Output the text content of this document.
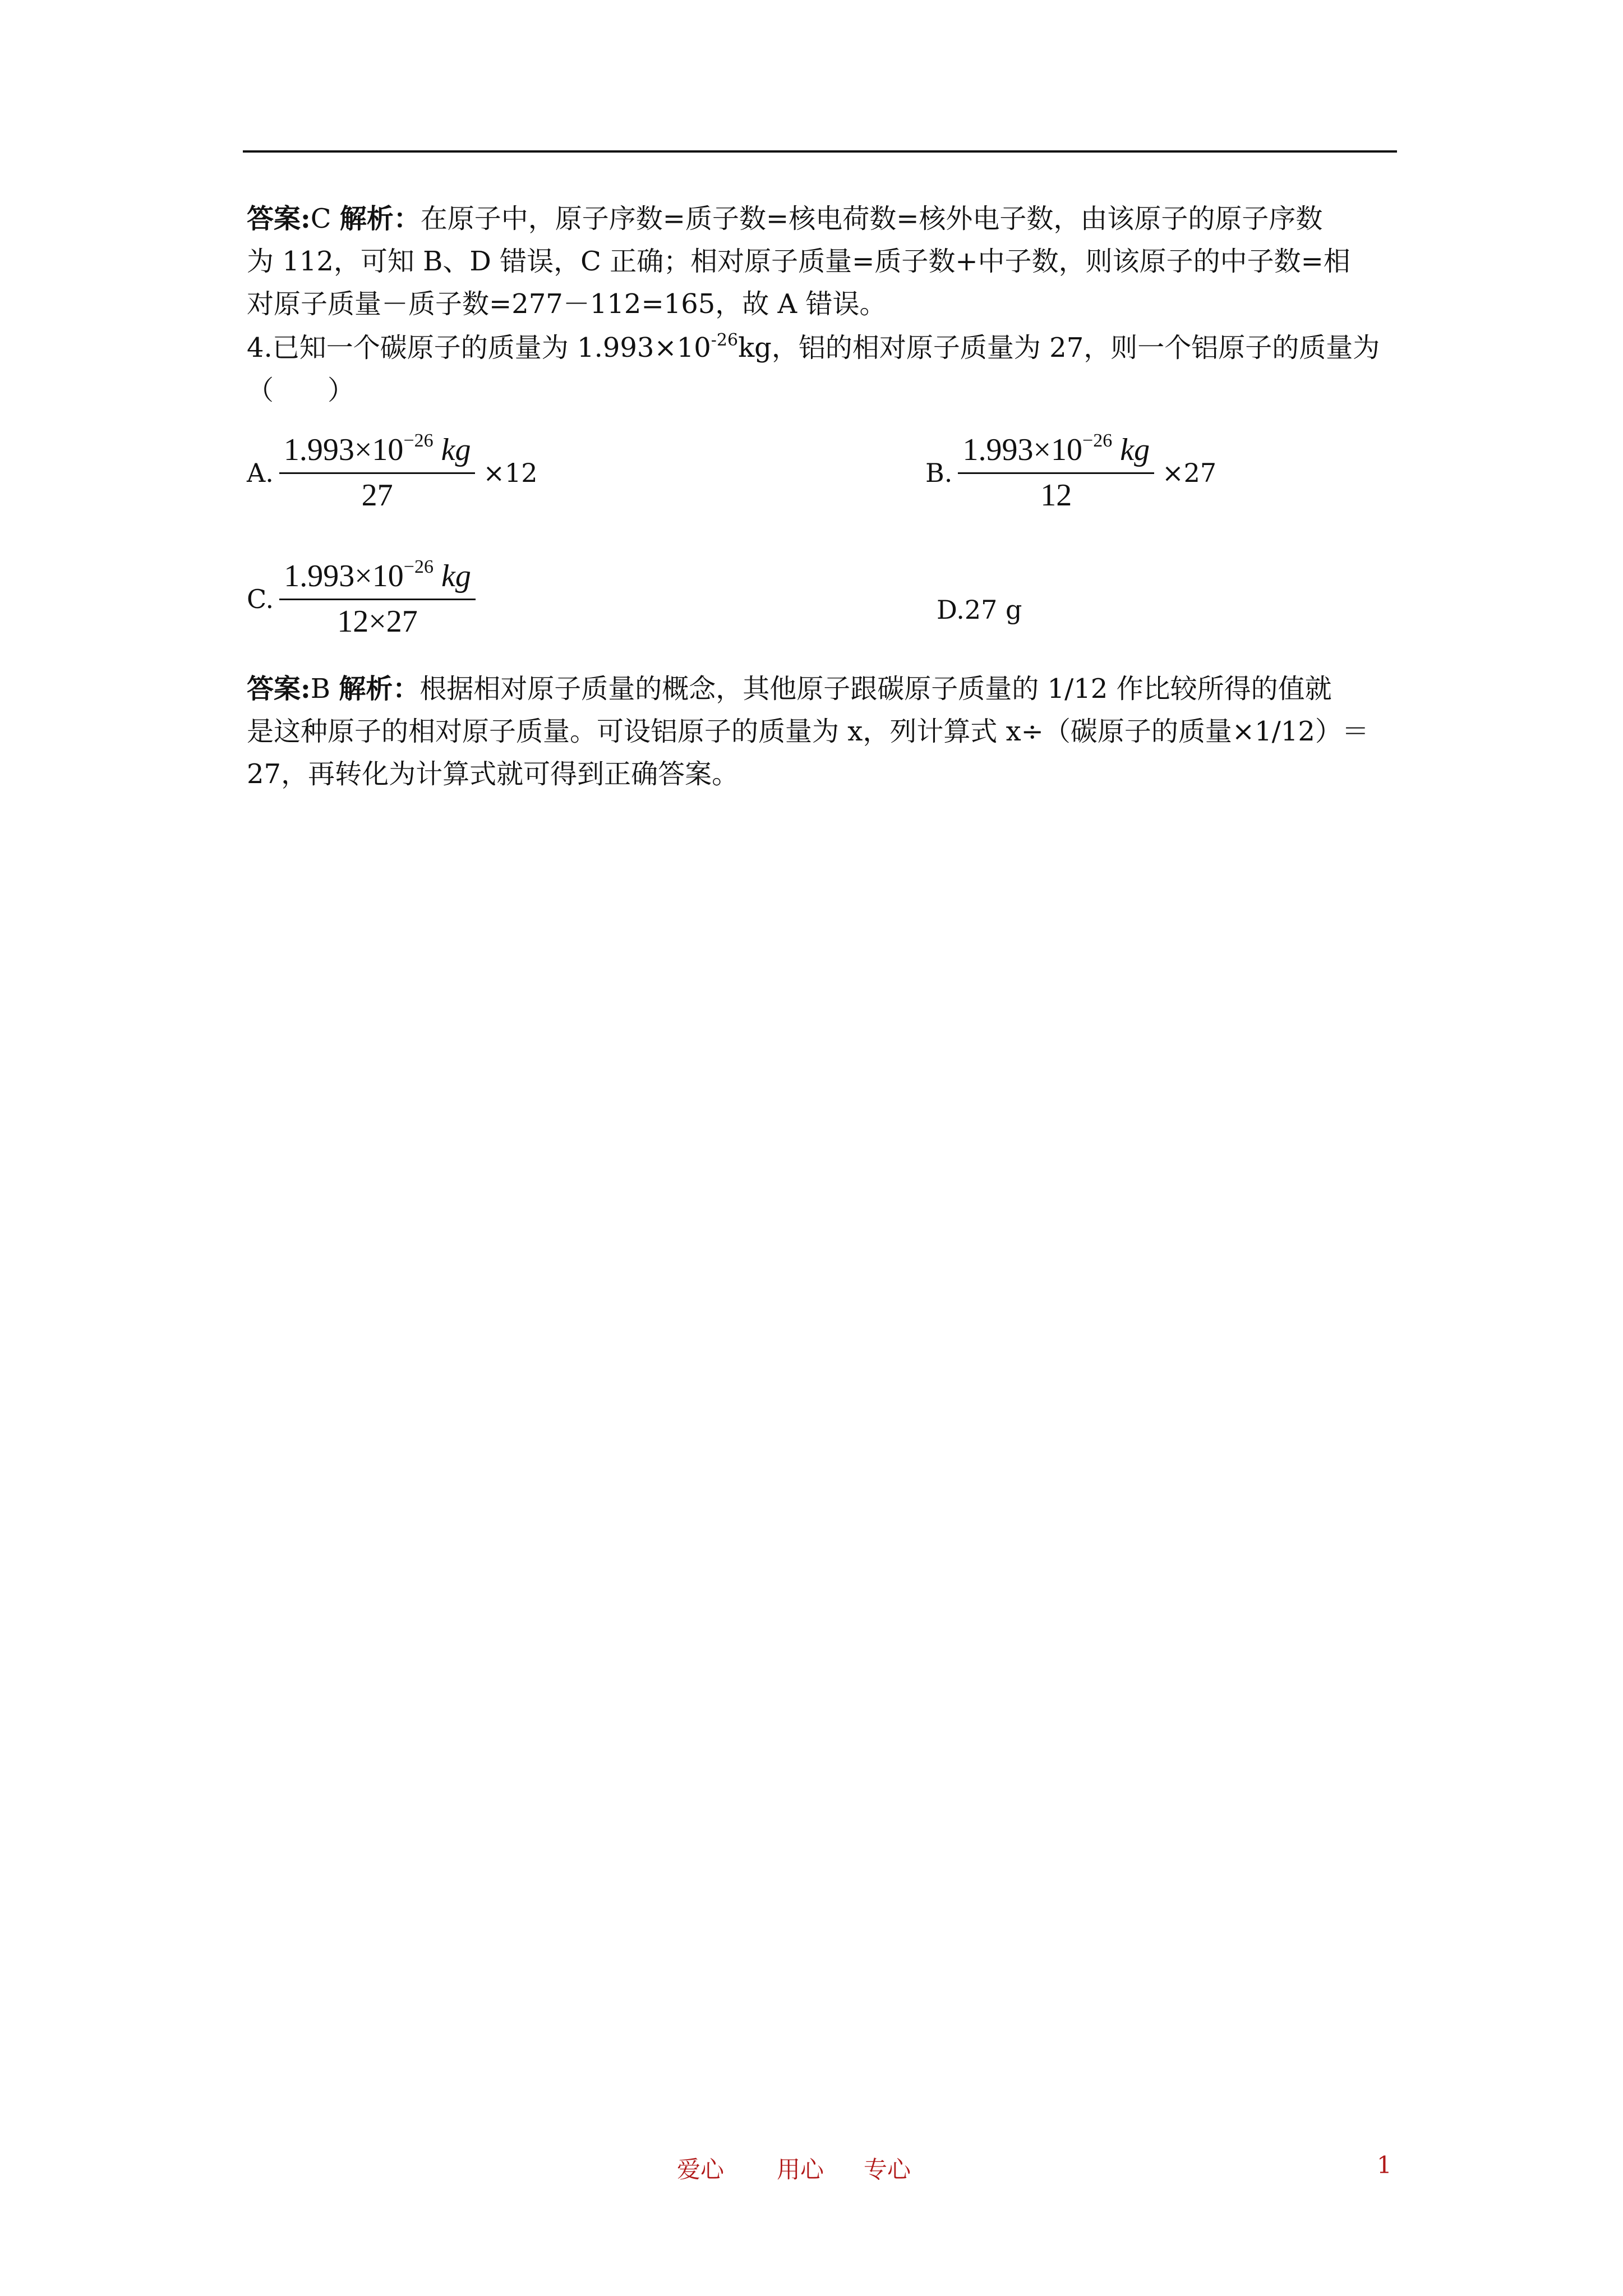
答案:C 解析：在原子中，原子序数=质子数=核电荷数=核外电子数，由该原子的原子序数
为 112，可知 B、D 错误，C 正确；相对原子质量=质子数+中子数，则该原子的中子数=相
对原子质量－质子数=277－112=165，故 A 错误。
4.已知一个碳原子的质量为 $1.993\times 10^{-26}kg$，铝的相对原子质量为 27，则一个铝原子的质量为
（　　）
A. $\frac{1.993\times 10^{-26} kg}{27} \times 12$	B. $\frac{1.993\times 10^{-26} kg}{12} \times 27$
C. $\frac{1.993\times 10^{-26} kg}{12\times 27}$	D.27 g
答案:B 解析：根据相对原子质量的概念，其他原子跟碳原子质量的 1/12 作比较所得的值就
是这种原子的相对原子质量。可设铝原子的质量为 x，列计算式 x÷（碳原子的质量×1/12）＝
27，再转化为计算式就可得到正确答案。
爱心 用心 专心	1
